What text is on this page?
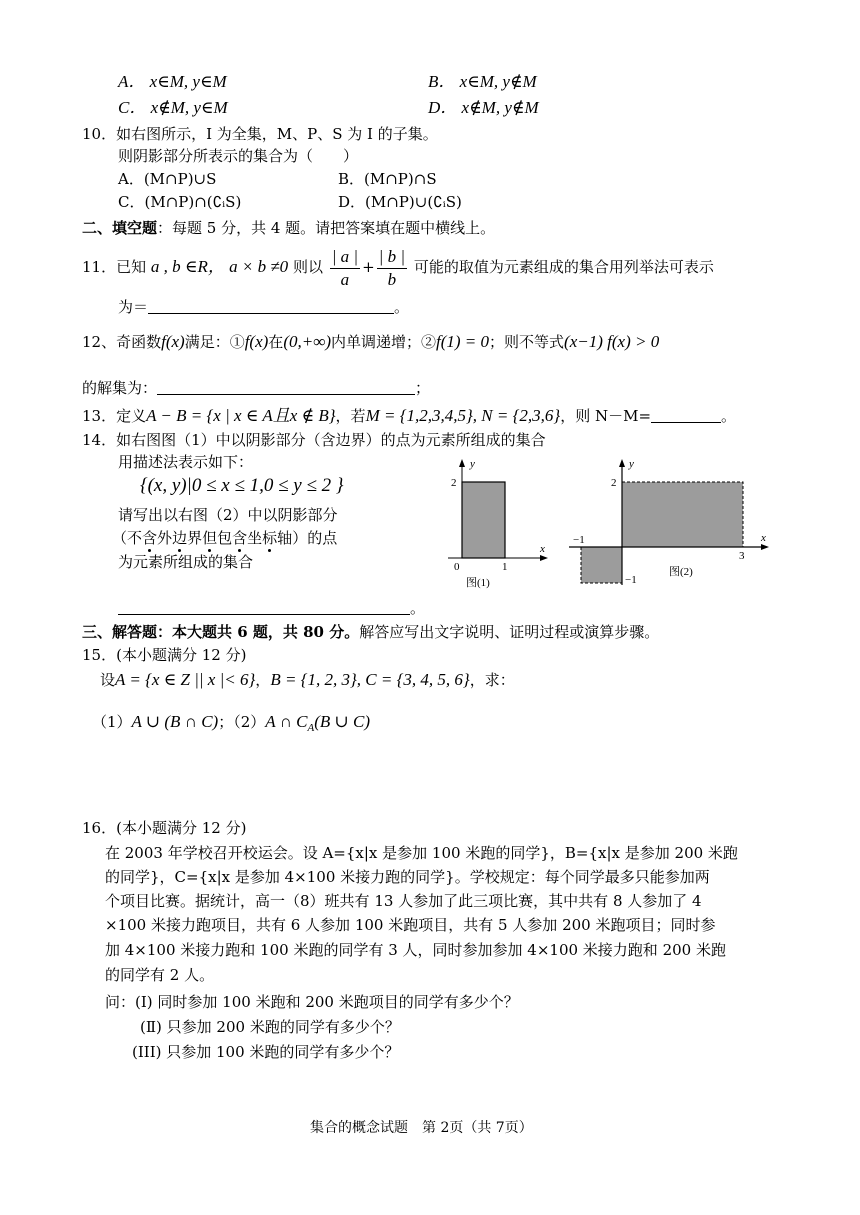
A． x∈M, y∈M	B． x∈M, y∉M
C． x∉M, y∈M	D． x∉M, y∉M
10．如右图所示，I 为全集，M、P、S 为 I 的子集。
则阴影部分所表示的集合为（　　）
A．(M∩P)∪S	B．(M∩P)∩S
C．(M∩P)∩(∁ᵢS)	D．(M∩P)∪(∁ᵢS)
二、填空题：每题 5 分，共 4 题。请把答案填在题中横线上。
11．已知 a , b ∈R， a × b ≠0 则以 $\frac{| a |}{a} + \frac{| b |}{b}$ 可能的取值为元素组成的集合用列举法可表示
为＝	。
12、奇函数f(x)满足：①f(x)在(0,+∞)内单调递增；②f(1) = 0；则不等式(x−1) f(x) > 0
的解集为：	；
13．定义A − B = {x | x ∈ A且x ∉ B}，若M = {1,2,3,4,5}, N = {2,3,6}，则 N－M=	。
14．如右图图（1）中以阴影部分（含边界）的点为元素所组成的集合
用描述法表示如下：
{(x, y)|0 ≤ x ≤ 1,0 ≤ y ≤ 2 }
请写出以右图（2）中以阴影部分
（不含外边界但包含坐标轴）的点
为元素所组成的集合
。
y
x
2
0	1
图(1)
y
x
2
−1
−1
3
图(2)
三、解答题：本大题共 6 题，共 80 分。解答应写出文字说明、证明过程或演算步骤。
15．(本小题满分 12 分)
设A = {x ∈ Z || x |< 6}，B = {1, 2, 3}, C = {3, 4, 5, 6}，求：
（1）A ∪ (B ∩ C)；（2）A ∩ $C_A(B$ ∪ C)
16．(本小题满分 12 分)
在 2003 年学校召开校运会。设 A={x|x 是参加 100 米跑的同学}，B={x|x 是参加 200 米跑
的同学}，C={x|x 是参加 4×100 米接力跑的同学}。学校规定：每个同学最多只能参加两
个项目比赛。据统计，高一（8）班共有 13 人参加了此三项比赛，其中共有 8 人参加了 4
×100 米接力跑项目，共有 6 人参加 100 米跑项目，共有 5 人参加 200 米跑项目；同时参
加 4×100 米接力跑和 100 米跑的同学有 3 人，同时参加参加 4×100 米接力跑和 200 米跑
的同学有 2 人。
问：(Ⅰ) 同时参加 100 米跑和 200 米跑项目的同学有多少个？
(Ⅱ) 只参加 200 米跑的同学有多少个？
(III) 只参加 100 米跑的同学有多少个？
集合的概念试题　第 2页（共 7页）
